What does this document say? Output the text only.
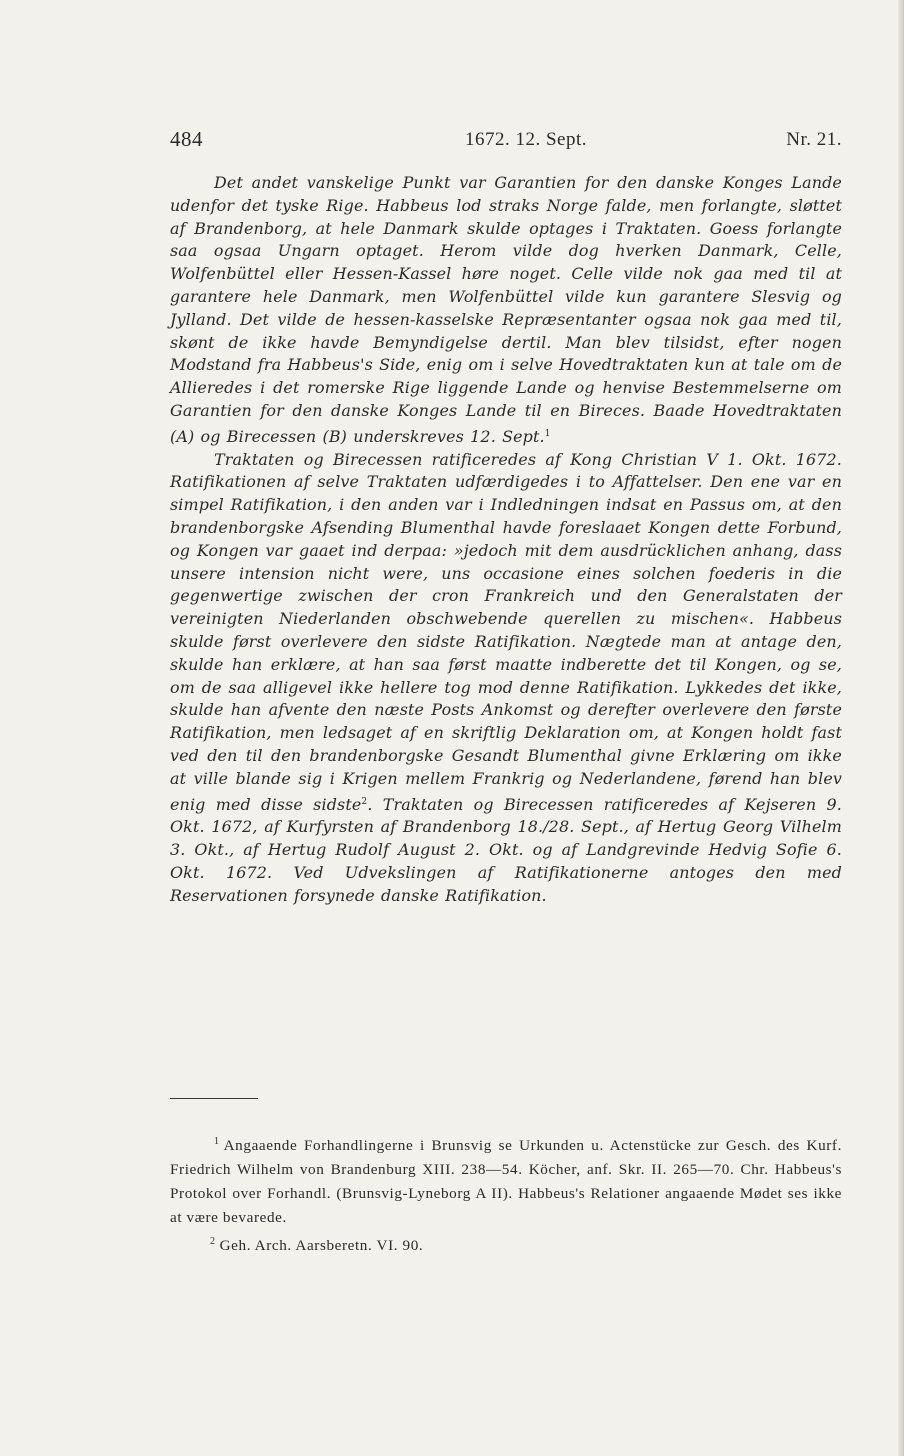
484	1672. 12. Sept.	Nr. 21.

Det andet vanskelige Punkt var Garantien for den danske Konges Lande udenfor det tyske Rige. Habbeus lod straks Norge falde, men forlangte, sløttet af Brandenborg, at hele Danmark skulde optages i Traktaten. Goess forlangte saa ogsaa Ungarn optaget. Herom vilde dog hverken Danmark, Celle, Wolfenbüttel eller Hessen-Kassel høre noget. Celle vilde nok gaa med til at garantere hele Danmark, men Wolfenbüttel vilde kun garantere Slesvig og Jylland. Det vilde de hessen-kasselske Repræsentanter ogsaa nok gaa med til, skønt de ikke havde Bemyndigelse dertil. Man blev tilsidst, efter nogen Modstand fra Habbeus's Side, enig om i selve Hovedtraktaten kun at tale om de Allieredes i det romerske Rige liggende Lande og henvise Bestemmelserne om Garantien for den danske Konges Lande til en Bireces. Baade Hovedtraktaten (A) og Birecessen (B) underskreves 12. Sept.$^1$

Traktaten og Birecessen ratificeredes af Kong Christian V 1. Okt. 1672. Ratifikationen af selve Traktaten udfærdigedes i to Affattelser. Den ene var en simpel Ratifikation, i den anden var i Indledningen indsat en Passus om, at den brandenborgske Afsending Blumenthal havde foreslaaet Kongen dette Forbund, og Kongen var gaaet ind derpaa: »jedoch mit dem ausdrücklichen anhang, dass unsere intension nicht were, uns occasione eines solchen foederis in die gegenwertige zwischen der cron Frankreich und den Generalstaten der vereinigten Niederlanden obschwebende querellen zu mischen«. Habbeus skulde først overlevere den sidste Ratifikation. Nægtede man at antage den, skulde han erklære, at han saa først maatte indberette det til Kongen, og se, om de saa alligevel ikke hellere tog mod denne Ratifikation. Lykkedes det ikke, skulde han afvente den næste Posts Ankomst og derefter overlevere den første Ratifikation, men ledsaget af en skriftlig Deklaration om, at Kongen holdt fast ved den til den brandenborgske Gesandt Blumenthal givne Erklæring om ikke at ville blande sig i Krigen mellem Frankrig og Nederlandene, førend han blev enig med disse sidste$^2$. Traktaten og Birecessen ratificeredes af Kejseren 9. Okt. 1672, af Kurfyrsten af Brandenborg 18./28. Sept., af Hertug Georg Vilhelm 3. Okt., af Hertug Rudolf August 2. Okt. og af Landgrevinde Hedvig Sofie 6. Okt. 1672. Ved Udvekslingen af Ratifikationerne antoges den med Reservationen forsynede danske Ratifikation.

$^1$ Angaaende Forhandlingerne i Brunsvig se Urkunden u. Actenstücke zur Gesch. des Kurf. Friedrich Wilhelm von Brandenburg XIII. 238—54. Köcher, anf. Skr. II. 265—70. Chr. Habbeus's Protokol over Forhandl. (Brunsvig-Lyneborg A II). Habbeus's Relationer angaaende Mødet ses ikke at være bevarede.

$^2$ Geh. Arch. Aarsberetn. VI. 90.
